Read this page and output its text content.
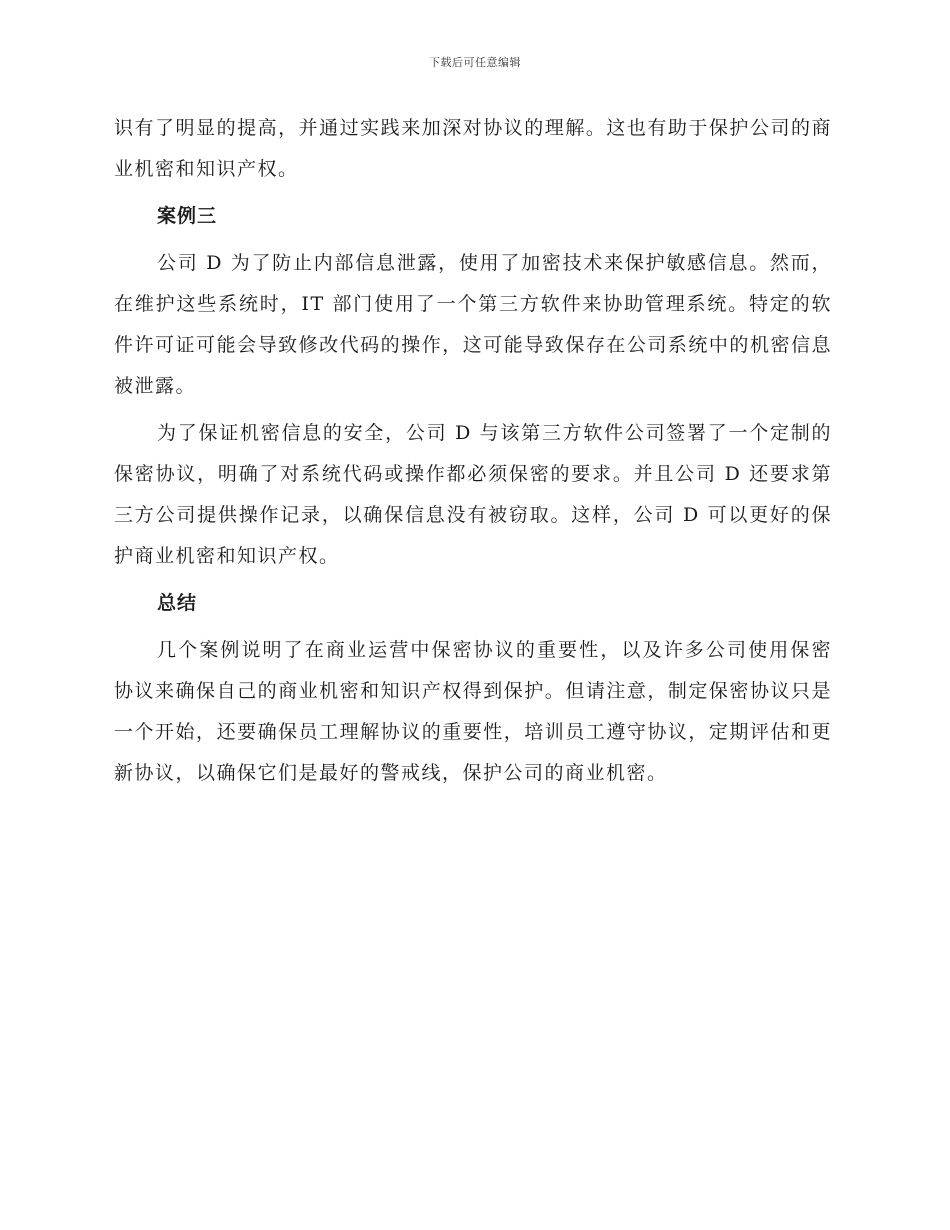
下载后可任意编辑

识有了明显的提高，并通过实践来加深对协议的理解。这也有助于保护公司的商业机密和知识产权。

案例三

公司 D 为了防止内部信息泄露，使用了加密技术来保护敏感信息。然而，在维护这些系统时，IT 部门使用了一个第三方软件来协助管理系统。特定的软件许可证可能会导致修改代码的操作，这可能导致保存在公司系统中的机密信息被泄露。

为了保证机密信息的安全，公司 D 与该第三方软件公司签署了一个定制的保密协议，明确了对系统代码或操作都必须保密的要求。并且公司 D 还要求第三方公司提供操作记录，以确保信息没有被窃取。这样，公司 D 可以更好的保护商业机密和知识产权。

总结

几个案例说明了在商业运营中保密协议的重要性，以及许多公司使用保密协议来确保自己的商业机密和知识产权得到保护。但请注意，制定保密协议只是一个开始，还要确保员工理解协议的重要性，培训员工遵守协议，定期评估和更新协议，以确保它们是最好的警戒线，保护公司的商业机密。
